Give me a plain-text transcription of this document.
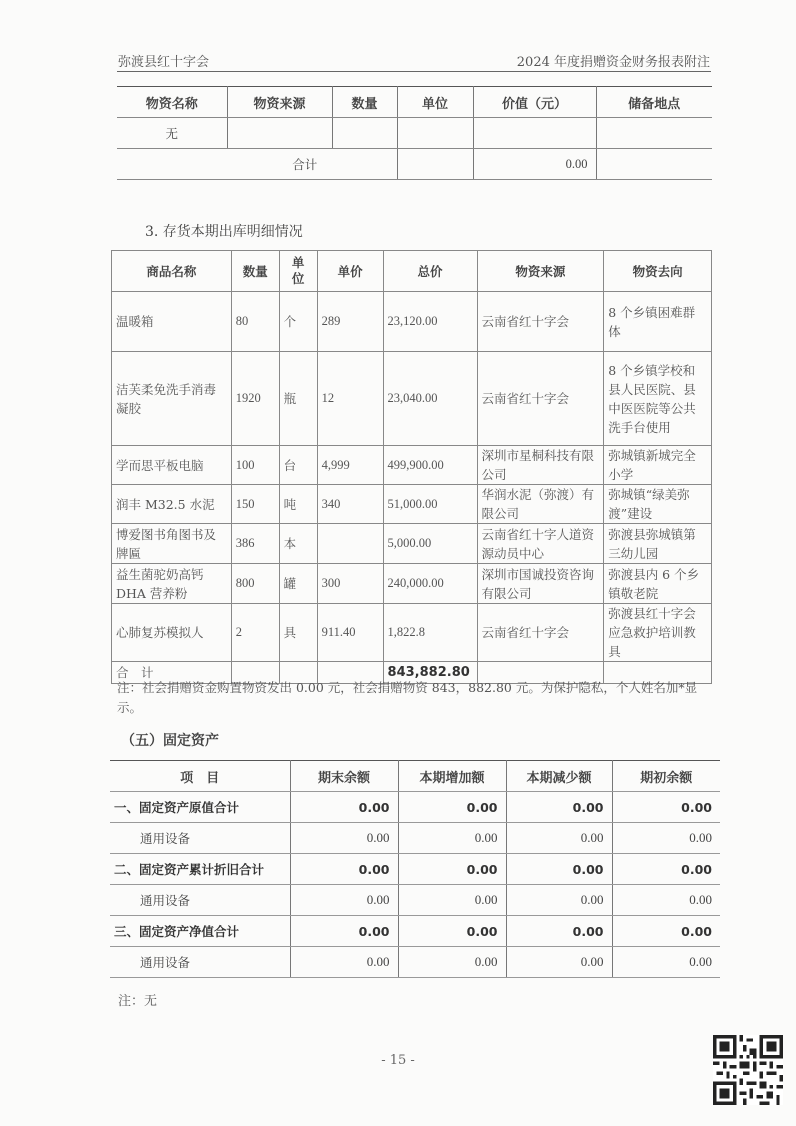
弥渡县红十字会	2024 年度捐赠资金财务报表附注
物资名称	物资来源	数量	单位	价值（元）	储备地点
无					
合计				0.00	
3. 存货本期出库明细情况
商品名称	数量	单位	单价	总价	物资来源	物资去向
温暖箱	80	个	289	23,120.00	云南省红十字会	8 个乡镇困难群体
洁芙柔免洗手消毒凝胶	1920	瓶	12	23,040.00	云南省红十字会	8 个乡镇学校和县人民医院、县中医医院等公共洗手台使用
学而思平板电脑	100	台	4,999	499,900.00	深圳市星桐科技有限公司	弥城镇新城完全小学
润丰 M32.5 水泥	150	吨	340	51,000.00	华润水泥（弥渡）有限公司	弥城镇“绿美弥渡”建设
博爱图书角图书及牌匾	386	本		5,000.00	云南省红十字人道资源动员中心	弥渡县弥城镇第三幼儿园
益生菌驼奶高钙DHA 营养粉	800	罐	300	240,000.00	深圳市国诚投资咨询有限公司	弥渡县内 6 个乡镇敬老院
心肺复苏模拟人	2	具	911.40	1,822.8	云南省红十字会	弥渡县红十字会应急救护培训教具
合　计				843,882.80		
注：社会捐赠资金购置物资发出 0.00 元，社会捐赠物资 843，882.80 元。为保护隐私，个人姓名加*显示。
（五）固定资产
项　目	期末余额	本期增加额	本期减少额	期初余额
一、固定资产原值合计	0.00	0.00	0.00	0.00
通用设备	0.00	0.00	0.00	0.00
二、固定资产累计折旧合计	0.00	0.00	0.00	0.00
通用设备	0.00	0.00	0.00	0.00
三、固定资产净值合计	0.00	0.00	0.00	0.00
通用设备	0.00	0.00	0.00	0.00
注：无
- 15 -
